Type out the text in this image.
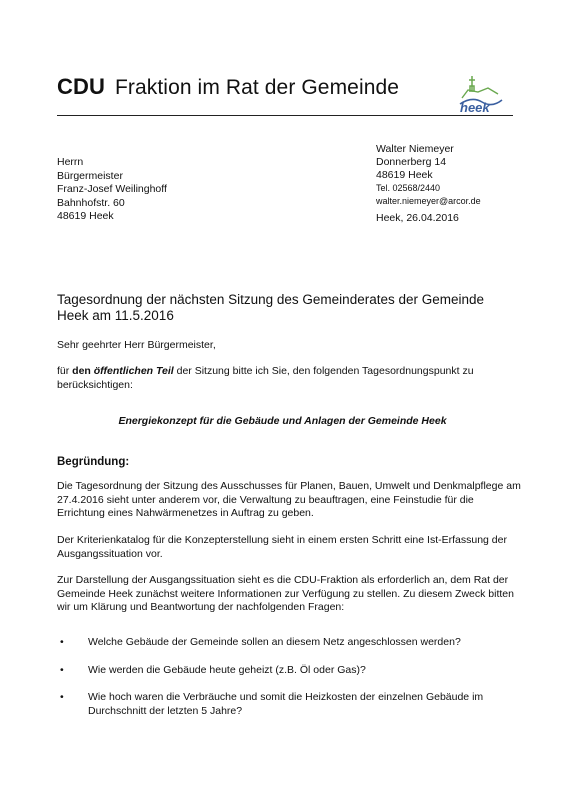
CDU Fraktion im Rat der Gemeinde
heek
Walter Niemeyer
Donnerberg 14
48619 Heek
Tel. 02568/2440
walter.niemeyer@arcor.de
Heek, 26.04.2016
Herrn
Bürgermeister
Franz-Josef Weilinghoff
Bahnhofstr. 60
48619 Heek
Tagesordnung der nächsten Sitzung des Gemeinderates der Gemeinde Heek am 11.5.2016
Sehr geehrter Herr Bürgermeister,
für den öffentlichen Teil der Sitzung bitte ich Sie, den folgenden Tagesordnungspunkt zu berücksichtigen:
Energiekonzept für die Gebäude und Anlagen der Gemeinde Heek
Begründung:
Die Tagesordnung der Sitzung des Ausschusses für Planen, Bauen, Umwelt und Denkmalpflege am 27.4.2016 sieht unter anderem vor, die Verwaltung zu beauftragen, eine Feinstudie für die Errichtung eines Nahwärmenetzes in Auftrag zu geben.
Der Kriterienkatalog für die Konzepterstellung sieht in einem ersten Schritt eine Ist-Erfassung der Ausgangssituation vor.
Zur Darstellung der Ausgangssituation sieht es die CDU-Fraktion als erforderlich an, dem Rat der Gemeinde Heek zunächst weitere Informationen zur Verfügung zu stellen. Zu diesem Zweck bitten wir um Klärung und Beantwortung der nachfolgenden Fragen:
• Welche Gebäude der Gemeinde sollen an diesem Netz angeschlossen werden?
• Wie werden die Gebäude heute geheizt (z.B. Öl oder Gas)?
• Wie hoch waren die Verbräuche und somit die Heizkosten der einzelnen Gebäude im Durchschnitt der letzten 5 Jahre?
